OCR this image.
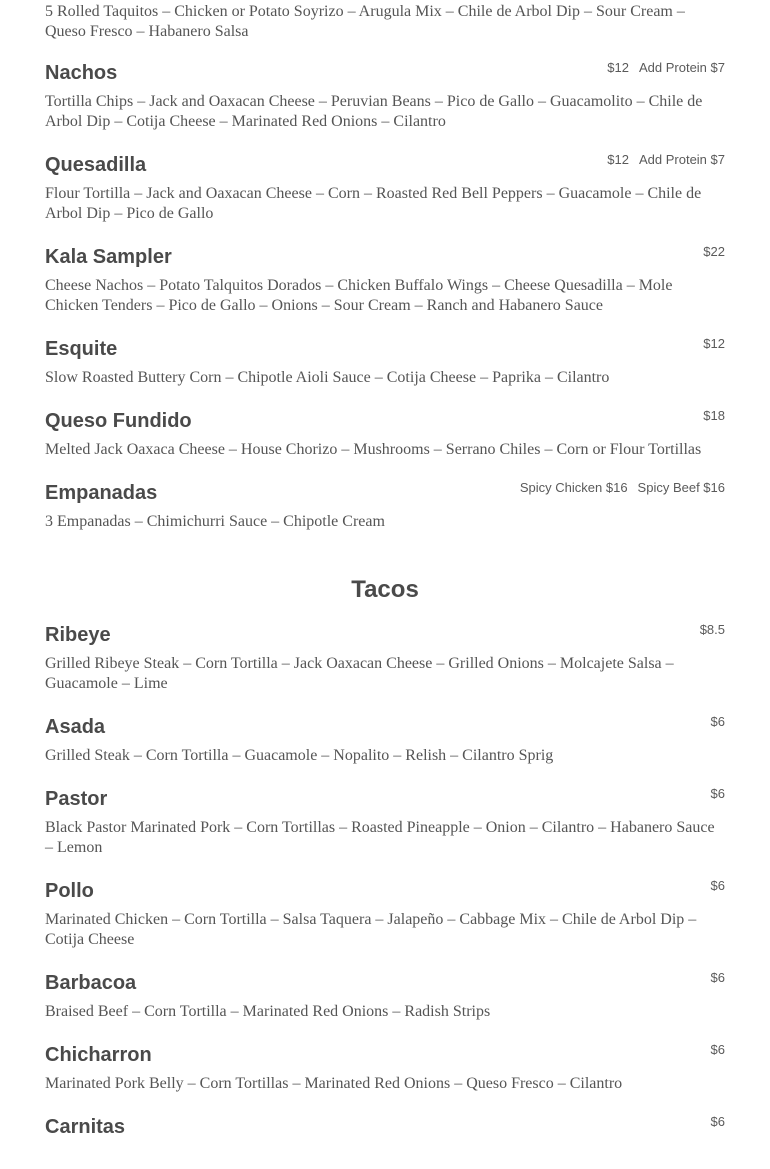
5 Rolled Taquitos – Chicken or Potato Soyrizo – Arugula Mix – Chile de Arbol Dip – Sour Cream – Queso Fresco – Habanero Salsa

Nachos	$12 Add Protein $7

Tortilla Chips – Jack and Oaxacan Cheese – Peruvian Beans – Pico de Gallo – Guacamolito – Chile de Arbol Dip – Cotija Cheese – Marinated Red Onions – Cilantro

Quesadilla	$12 Add Protein $7

Flour Tortilla – Jack and Oaxacan Cheese – Corn – Roasted Red Bell Peppers – Guacamole – Chile de Arbol Dip – Pico de Gallo

Kala Sampler	$22

Cheese Nachos – Potato Talquitos Dorados – Chicken Buffalo Wings – Cheese Quesadilla – Mole Chicken Tenders – Pico de Gallo – Onions – Sour Cream – Ranch and Habanero Sauce

Esquite	$12

Slow Roasted Buttery Corn – Chipotle Aioli Sauce – Cotija Cheese – Paprika – Cilantro

Queso Fundido	$18

Melted Jack Oaxaca Cheese – House Chorizo – Mushrooms – Serrano Chiles – Corn or Flour Tortillas

Empanadas	Spicy Chicken $16 Spicy Beef $16

3 Empanadas – Chimichurri Sauce – Chipotle Cream

Tacos
Ribeye	$8.5

Grilled Ribeye Steak – Corn Tortilla – Jack Oaxacan Cheese – Grilled Onions – Molcajete Salsa – Guacamole – Lime

Asada	$6

Grilled Steak – Corn Tortilla – Guacamole – Nopalito – Relish – Cilantro Sprig

Pastor	$6

Black Pastor Marinated Pork – Corn Tortillas – Roasted Pineapple – Onion – Cilantro – Habanero Sauce – Lemon

Pollo	$6

Marinated Chicken – Corn Tortilla – Salsa Taquera – Jalapeño – Cabbage Mix – Chile de Arbol Dip – Cotija Cheese

Barbacoa	$6

Braised Beef – Corn Tortilla – Marinated Red Onions – Radish Strips

Chicharron	$6

Marinated Pork Belly – Corn Tortillas – Marinated Red Onions – Queso Fresco – Cilantro

Carnitas	$6
